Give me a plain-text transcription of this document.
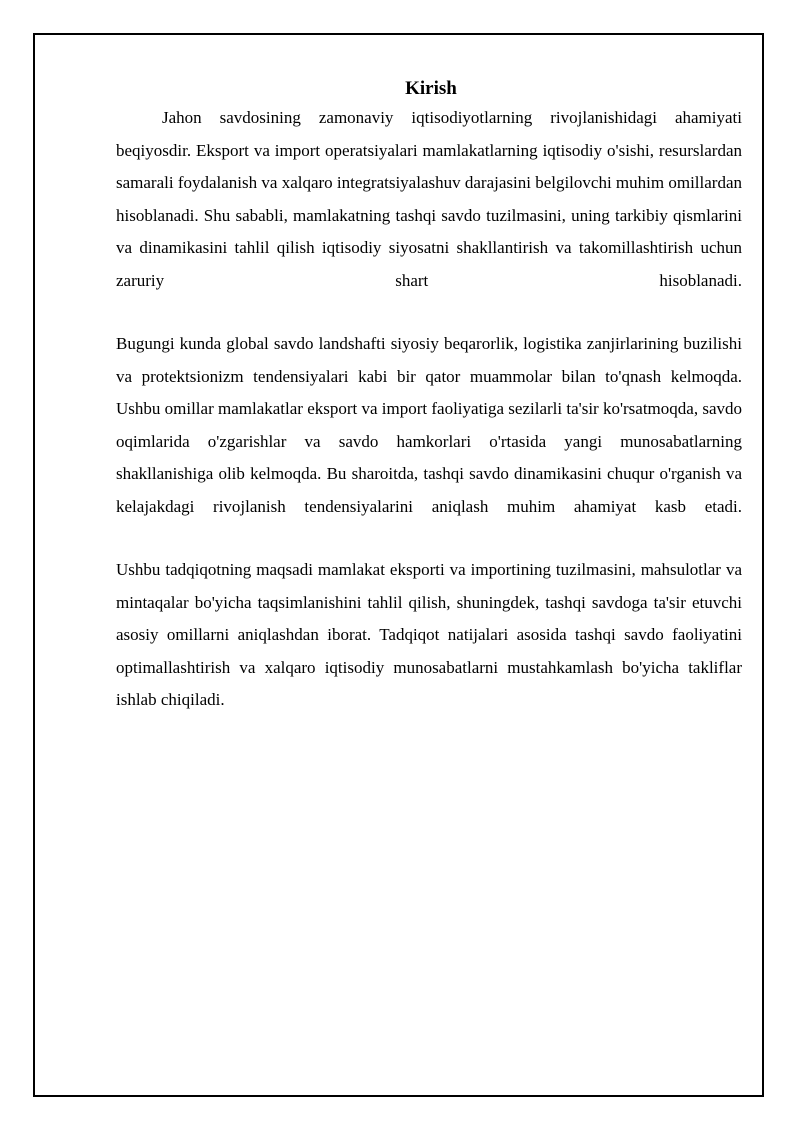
Kirish

Jahon savdosining zamonaviy iqtisodiyotlarning rivojlanishidagi ahamiyati beqiyosdir. Eksport va import operatsiyalari mamlakatlarning iqtisodiy o'sishi, resurslardan samarali foydalanish va xalqaro integratsiyalashuv darajasini belgilovchi muhim omillardan hisoblanadi. Shu sababli, mamlakatning tashqi savdo tuzilmasini, uning tarkibiy qismlarini va dinamikasini tahlil qilish iqtisodiy siyosatni shakllantirish va takomillashtirish uchun zaruriy shart hisoblanadi.

Bugungi kunda global savdo landshafti siyosiy beqarorlik, logistika zanjirlarining buzilishi va protektsionizm tendensiyalari kabi bir qator muammolar bilan to'qnash kelmoqda. Ushbu omillar mamlakatlar eksport va import faoliyatiga sezilarli ta'sir ko'rsatmoqda, savdo oqimlarida o'zgarishlar va savdo hamkorlari o'rtasida yangi munosabatlarning shakllanishiga olib kelmoqda. Bu sharoitda, tashqi savdo dinamikasini chuqur o'rganish va kelajakdagi rivojlanish tendensiyalarini aniqlash muhim ahamiyat kasb etadi.

Ushbu tadqiqotning maqsadi mamlakat eksporti va importining tuzilmasini, mahsulotlar va mintaqalar bo'yicha taqsimlanishini tahlil qilish, shuningdek, tashqi savdoga ta'sir etuvchi asosiy omillarni aniqlashdan iborat. Tadqiqot natijalari asosida tashqi savdo faoliyatini optimallashtirish va xalqaro iqtisodiy munosabatlarni mustahkamlash bo'yicha takliflar ishlab chiqiladi.
